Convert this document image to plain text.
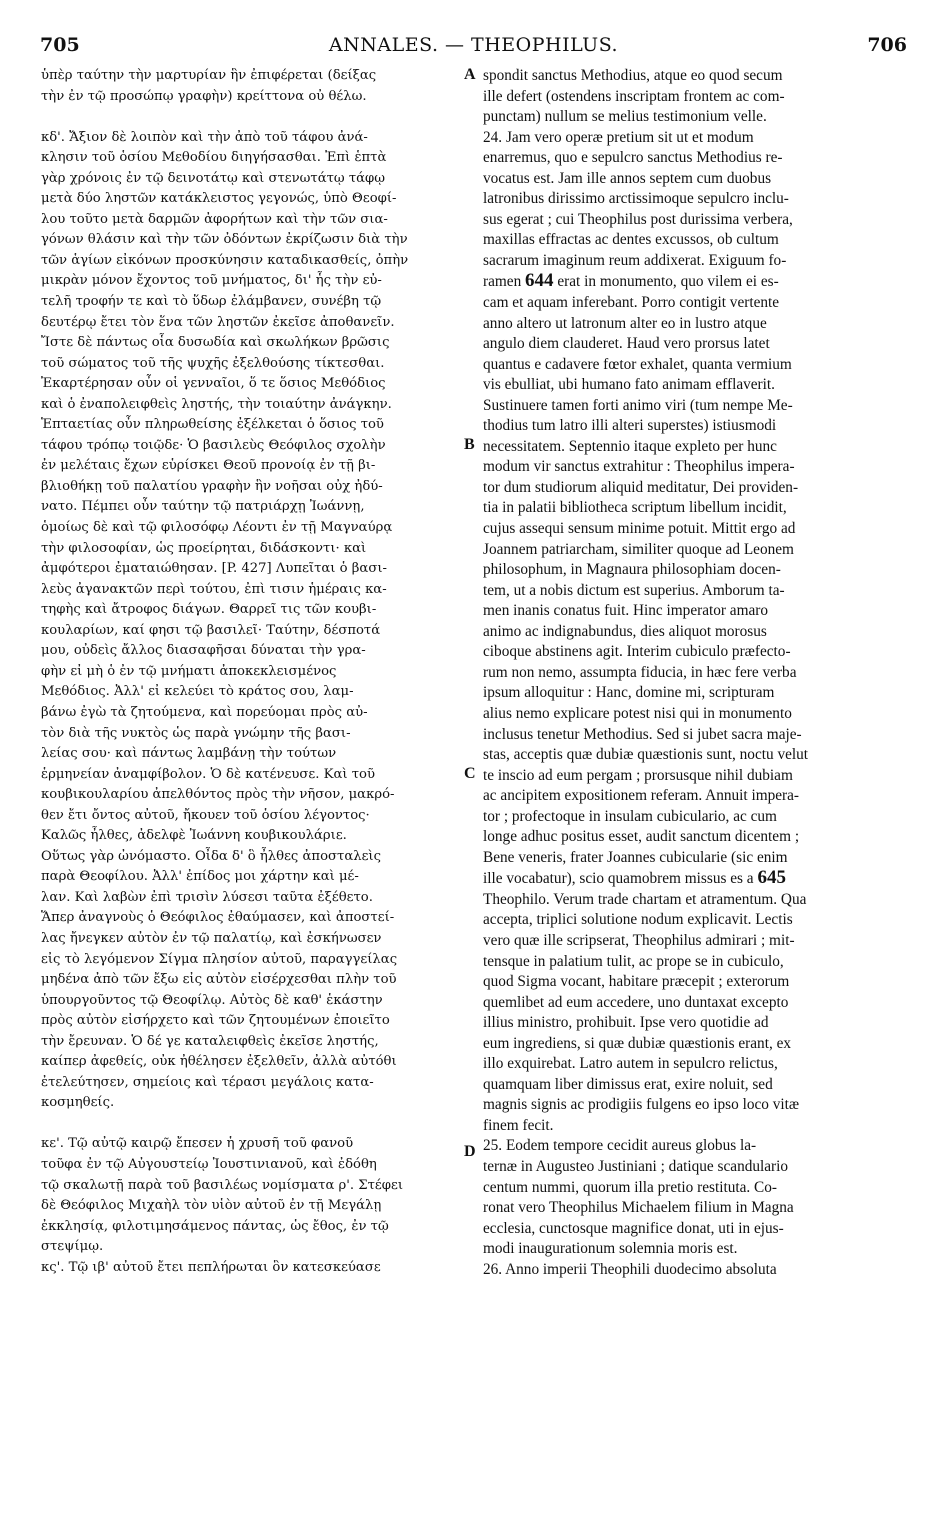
705	ANNALES. — THEOPHILUS.	706
ὑπὲρ ταύτην τὴν μαρτυρίαν ἣν ἐπιφέρεται (δείξας
τὴν ἐν τῷ προσώπῳ γραφὴν) κρείττονα οὐ θέλω.
κδ'. Ἄξιον δὲ λοιπὸν καὶ τὴν ἀπὸ τοῦ τάφου ἀνά-
κλησιν τοῦ ὁσίου Μεθοδίου διηγήσασθαι. Ἐπὶ ἑπτὰ
γὰρ χρόνοις ἐν τῷ δεινοτάτῳ καὶ στενωτάτῳ τάφῳ
μετὰ δύο ληστῶν κατάκλειστος γεγονώς, ὑπὸ Θεοφί-
λου τοῦτο μετὰ δαρμῶν ἀφορήτων καὶ τὴν τῶν σια-
γόνων θλάσιν καὶ τὴν τῶν ὀδόντων ἐκρίζωσιν διὰ τὴν
τῶν ἁγίων εἰκόνων προσκύνησιν καταδικασθείς, ὀπὴν
μικρὰν μόνον ἔχοντος τοῦ μνήματος, δι' ἧς τὴν εὐ-
τελῆ τροφήν τε καὶ τὸ ὕδωρ ἐλάμβανεν, συνέβη τῷ
δευτέρῳ ἔτει τὸν ἕνα τῶν ληστῶν ἐκεῖσε ἀποθανεῖν.
Ἴστε δὲ πάντως οἷα δυσωδία καὶ σκωλήκων βρῶσις
τοῦ σώματος τοῦ τῆς ψυχῆς ἐξελθούσης τίκτεσθαι.
Ἐκαρτέρησαν οὖν οἱ γενναῖοι, ὅ τε ὅσιος Μεθόδιος
καὶ ὁ ἐναπολειφθεὶς ληστής, τὴν τοιαύτην ἀνάγκην.
Ἑπταετίας οὖν πληρωθείσης ἐξέλκεται ὁ ὅσιος τοῦ
τάφου τρόπῳ τοιῷδε· Ὁ βασιλεὺς Θεόφιλος σχολὴν
ἐν μελέταις ἔχων εὑρίσκει Θεοῦ προνοίᾳ ἐν τῇ βι-
βλιοθήκῃ τοῦ παλατίου γραφὴν ἣν νοῆσαι οὐχ ἠδύ-
νατο. Πέμπει οὖν ταύτην τῷ πατριάρχῃ Ἰωάννῃ,
ὁμοίως δὲ καὶ τῷ φιλοσόφῳ Λέοντι ἐν τῇ Μαγναύρᾳ
τὴν φιλοσοφίαν, ὡς προείρηται, διδάσκοντι· καὶ
ἀμφότεροι ἐματαιώθησαν. [P. 427] Λυπεῖται ὁ βασι-
λεὺς ἀγανακτῶν περὶ τούτου, ἐπὶ τισιν ἡμέραις κα-
τηφὴς καὶ ἄτροφος διάγων. Θαρρεῖ τις τῶν κουβι-
κουλαρίων, καί φησι τῷ βασιλεῖ· Ταύτην, δέσποτά
μου, οὐδεὶς ἄλλος διασαφῆσαι δύναται τὴν γρα-
φὴν εἰ μὴ ὁ ἐν τῷ μνήματι ἀποκεκλεισμένος
Μεθόδιος. Ἀλλ' εἰ κελεύει τὸ κράτος σου, λαμ-
βάνω ἐγὼ τὰ ζητούμενα, καὶ πορεύομαι πρὸς αὐ-
τὸν διὰ τῆς νυκτὸς ὡς παρὰ γνώμην τῆς βασι-
λείας σου· καὶ πάντως λαμβάνῃ τὴν τούτων
ἑρμηνείαν ἀναμφίβολον. Ὁ δὲ κατένευσε. Καὶ τοῦ
κουβικουλαρίου ἀπελθόντος πρὸς τὴν νῆσον, μακρό-
θεν ἔτι ὄντος αὐτοῦ, ἤκουεν τοῦ ὁσίου λέγοντος·
Καλῶς ἦλθες, ἀδελφὲ Ἰωάννη κουβικουλάριε.
Οὕτως γὰρ ὠνόμαστο. Οἶδα δ' ὃ ἦλθες ἀποσταλεὶς
παρὰ Θεοφίλου. Ἀλλ' ἐπίδος μοι χάρτην καὶ μέ-
λαν. Καὶ λαβὼν ἐπὶ τρισὶν λύσεσι ταῦτα ἐξέθετο.
Ἅπερ ἀναγνοὺς ὁ Θεόφιλος ἐθαύμασεν, καὶ ἀποστεί-
λας ἤνεγκεν αὐτὸν ἐν τῷ παλατίῳ, καὶ ἐσκήνωσεν
εἰς τὸ λεγόμενον Σίγμα πλησίον αὐτοῦ, παραγγείλας
μηδένα ἀπὸ τῶν ἔξω εἰς αὐτὸν εἰσέρχεσθαι πλὴν τοῦ
ὑπουργοῦντος τῷ Θεοφίλῳ. Αὐτὸς δὲ καθ' ἑκάστην
πρὸς αὐτὸν εἰσήρχετο καὶ τῶν ζητουμένων ἐποιεῖτο
τὴν ἔρευναν. Ὁ δέ γε καταλειφθεὶς ἐκεῖσε ληστής,
καίπερ ἀφεθείς, οὐκ ἠθέλησεν ἐξελθεῖν, ἀλλὰ αὐτόθι
ἐτελεύτησεν, σημείοις καὶ τέρασι μεγάλοις κατα-
κοσμηθείς.
κε'. Τῷ αὐτῷ καιρῷ ἔπεσεν ἡ χρυσῆ τοῦ φανοῦ
τοῦφα ἐν τῷ Αὐγουστείῳ Ἰουστινιανοῦ, καὶ ἐδόθη
τῷ σκαλωτῇ παρὰ τοῦ βασιλέως νομίσματα ρ'. Στέφει
δὲ Θεόφιλος Μιχαὴλ τὸν υἱὸν αὐτοῦ ἐν τῇ Μεγάλῃ
ἐκκλησίᾳ, φιλοτιμησάμενος πάντας, ὡς ἔθος, ἐν τῷ
στεψίμῳ.
κς'. Τῷ ιβ' αὐτοῦ ἔτει πεπλήρωται ὃν κατεσκεύασε
spondit sanctus Methodius, atque eo quod secum
ille defert (ostendens inscriptam frontem ac com-
punctam) nullum se melius testimonium velle.
24. Jam vero operæ pretium sit ut et modum
enarremus, quo e sepulcro sanctus Methodius re-
vocatus est. Jam ille annos septem cum duobus
latronibus dirissimo arctissimoque sepulcro inclu-
sus egerat ; cui Theophilus post durissima verbera,
maxillas effractas ac dentes excussos, ob cultum
sacrarum imaginum reum addixerat. Exiguum fo-
ramen 644 erat in monumento, quo vilem ei es-
cam et aquam inferebant. Porro contigit vertente
anno altero ut latronum alter eo in lustro atque
angulo diem clauderet. Haud vero prorsus latet
quantus e cadavere fœtor exhalet, quanta vermium
vis ebulliat, ubi humano fato animam efflaverit.
Sustinuere tamen forti animo viri (tum nempe Me-
thodius tum latro illi alteri superstes) istiusmodi
necessitatem. Septennio itaque expleto per hunc
modum vir sanctus extrahitur : Theophilus impera-
tor dum studiorum aliquid meditatur, Dei providen-
tia in palatii bibliotheca scriptum libellum incidit,
cujus assequi sensum minime potuit. Mittit ergo ad
Joannem patriarcham, similiter quoque ad Leonem
philosophum, in Magnaura philosophiam docen-
tem, ut a nobis dictum est superius. Amborum ta-
men inanis conatus fuit. Hinc imperator amaro
animo ac indignabundus, dies aliquot morosus
ciboque abstinens agit. Interim cubiculo præfecto-
rum non nemo, assumpta fiducia, in hæc fere verba
ipsum alloquitur : Hanc, domine mi, scripturam
alius nemo explicare potest nisi qui in monumento
inclusus tenetur Methodius. Sed si jubet sacra maje-
stas, acceptis quæ dubiæ quæstionis sunt, noctu velut
te inscio ad eum pergam ; prorsusque nihil dubiam
ac ancipitem expositionem referam. Annuit impera-
tor ; profectoque in insulam cubiculario, ac cum
longe adhuc positus esset, audit sanctum dicentem ;
Bene veneris, frater Joannes cubicularie (sic enim
ille vocabatur), scio quamobrem missus es a 645
Theophilo. Verum trade chartam et atramentum. Qua
accepta, triplici solutione nodum explicavit. Lectis
vero quæ ille scripserat, Theophilus admirari ; mit-
tensque in palatium tulit, ac prope se in cubiculo,
quod Sigma vocant, habitare præcepit ; exterorum
quemlibet ad eum accedere, uno duntaxat excepto
illius ministro, prohibuit. Ipse vero quotidie ad
eum ingrediens, si quæ dubiæ quæstionis erant, ex
illo exquirebat. Latro autem in sepulcro relictus,
quamquam liber dimissus erat, exire noluit, sed
magnis signis ac prodigiis fulgens eo ipso loco vitæ
finem fecit.
25. Eodem tempore cecidit aureus globus la-
ternæ in Augusteo Justiniani ; datique scandulario
centum nummi, quorum illa pretio restituta. Co-
ronat vero Theophilus Michaelem filium in Magna
ecclesia, cunctosque magnifice donat, uti in ejus-
modi inaugurationum solemnia moris est.
26. Anno imperii Theophili duodecimo absoluta
A
B
C
D
